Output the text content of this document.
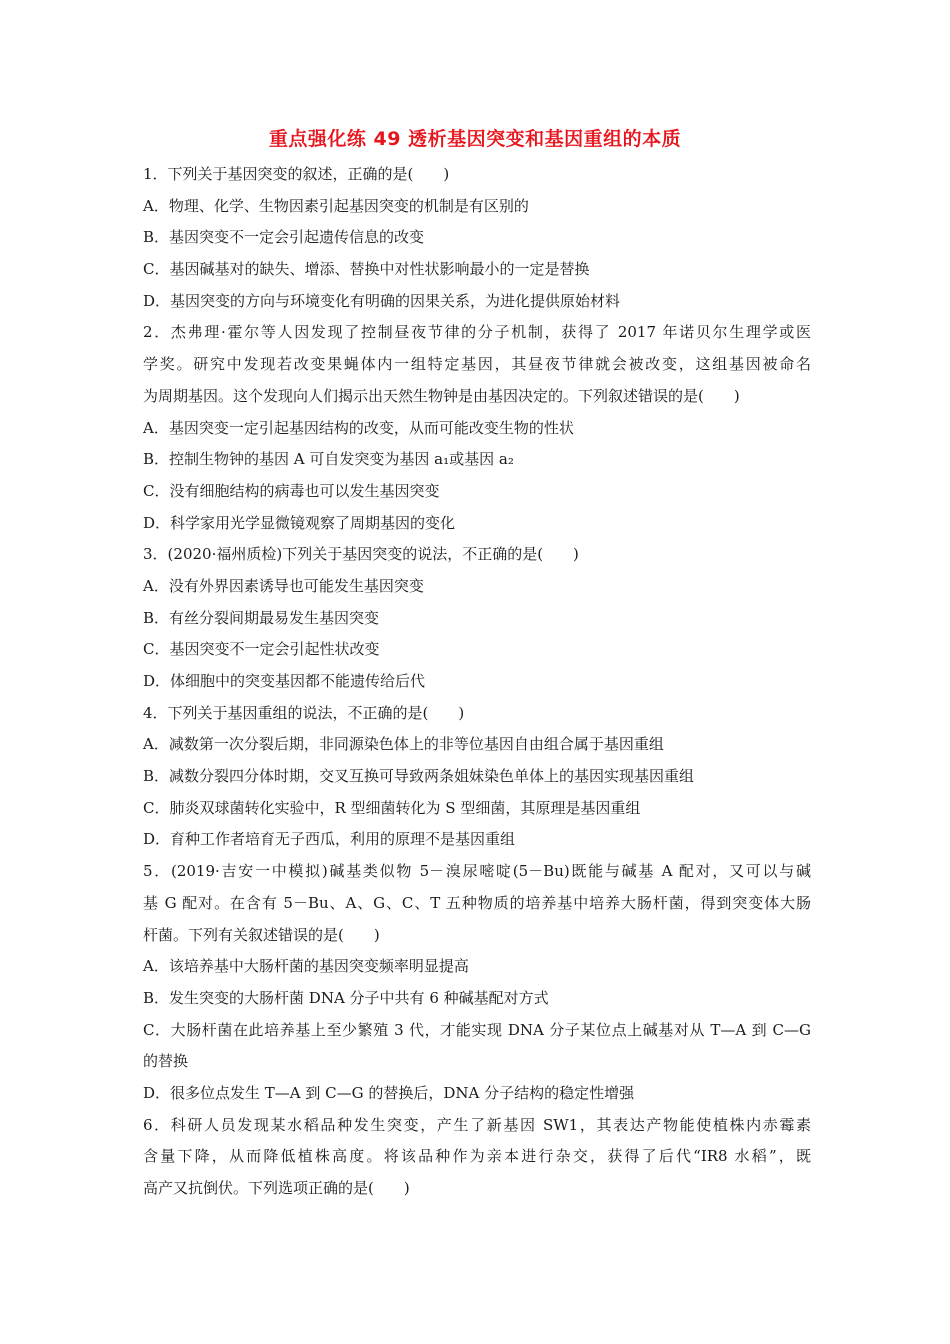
重点强化练 49 透析基因突变和基因重组的本质
1．下列关于基因突变的叙述，正确的是(　　)
A．物理、化学、生物因素引起基因突变的机制是有区别的
B．基因突变不一定会引起遗传信息的改变
C．基因碱基对的缺失、增添、替换中对性状影响最小的一定是替换
D．基因突变的方向与环境变化有明确的因果关系，为进化提供原始材料
2．杰弗理·霍尔等人因发现了控制昼夜节律的分子机制，获得了 2017 年诺贝尔生理学或医
学奖。研究中发现若改变果蝇体内一组特定基因，其昼夜节律就会被改变，这组基因被命名
为周期基因。这个发现向人们揭示出天然生物钟是由基因决定的。下列叙述错误的是(　　)
A．基因突变一定引起基因结构的改变，从而可能改变生物的性状
B．控制生物钟的基因 A 可自发突变为基因 a₁或基因 a₂
C．没有细胞结构的病毒也可以发生基因突变
D．科学家用光学显微镜观察了周期基因的变化
3．(2020·福州质检)下列关于基因突变的说法，不正确的是(　　)
A．没有外界因素诱导也可能发生基因突变
B．有丝分裂间期最易发生基因突变
C．基因突变不一定会引起性状改变
D．体细胞中的突变基因都不能遗传给后代
4．下列关于基因重组的说法，不正确的是(　　)
A．减数第一次分裂后期，非同源染色体上的非等位基因自由组合属于基因重组
B．减数分裂四分体时期，交叉互换可导致两条姐妹染色单体上的基因实现基因重组
C．肺炎双球菌转化实验中，R 型细菌转化为 S 型细菌，其原理是基因重组
D．育种工作者培育无子西瓜，利用的原理不是基因重组
5．(2019·吉安一中模拟)碱基类似物 5－溴尿嘧啶(5－Bu)既能与碱基 A 配对，又可以与碱
基 G 配对。在含有 5－Bu、A、G、C、T 五种物质的培养基中培养大肠杆菌，得到突变体大肠
杆菌。下列有关叙述错误的是(　　)
A．该培养基中大肠杆菌的基因突变频率明显提高
B．发生突变的大肠杆菌 DNA 分子中共有 6 种碱基配对方式
C．大肠杆菌在此培养基上至少繁殖 3 代，才能实现 DNA 分子某位点上碱基对从 T—A 到 C—G
的替换
D．很多位点发生 T—A 到 C—G 的替换后，DNA 分子结构的稳定性增强
6．科研人员发现某水稻品种发生突变，产生了新基因 SW1，其表达产物能使植株内赤霉素
含量下降，从而降低植株高度。将该品种作为亲本进行杂交，获得了后代“IR8 水稻”，既
高产又抗倒伏。下列选项正确的是(　　)
